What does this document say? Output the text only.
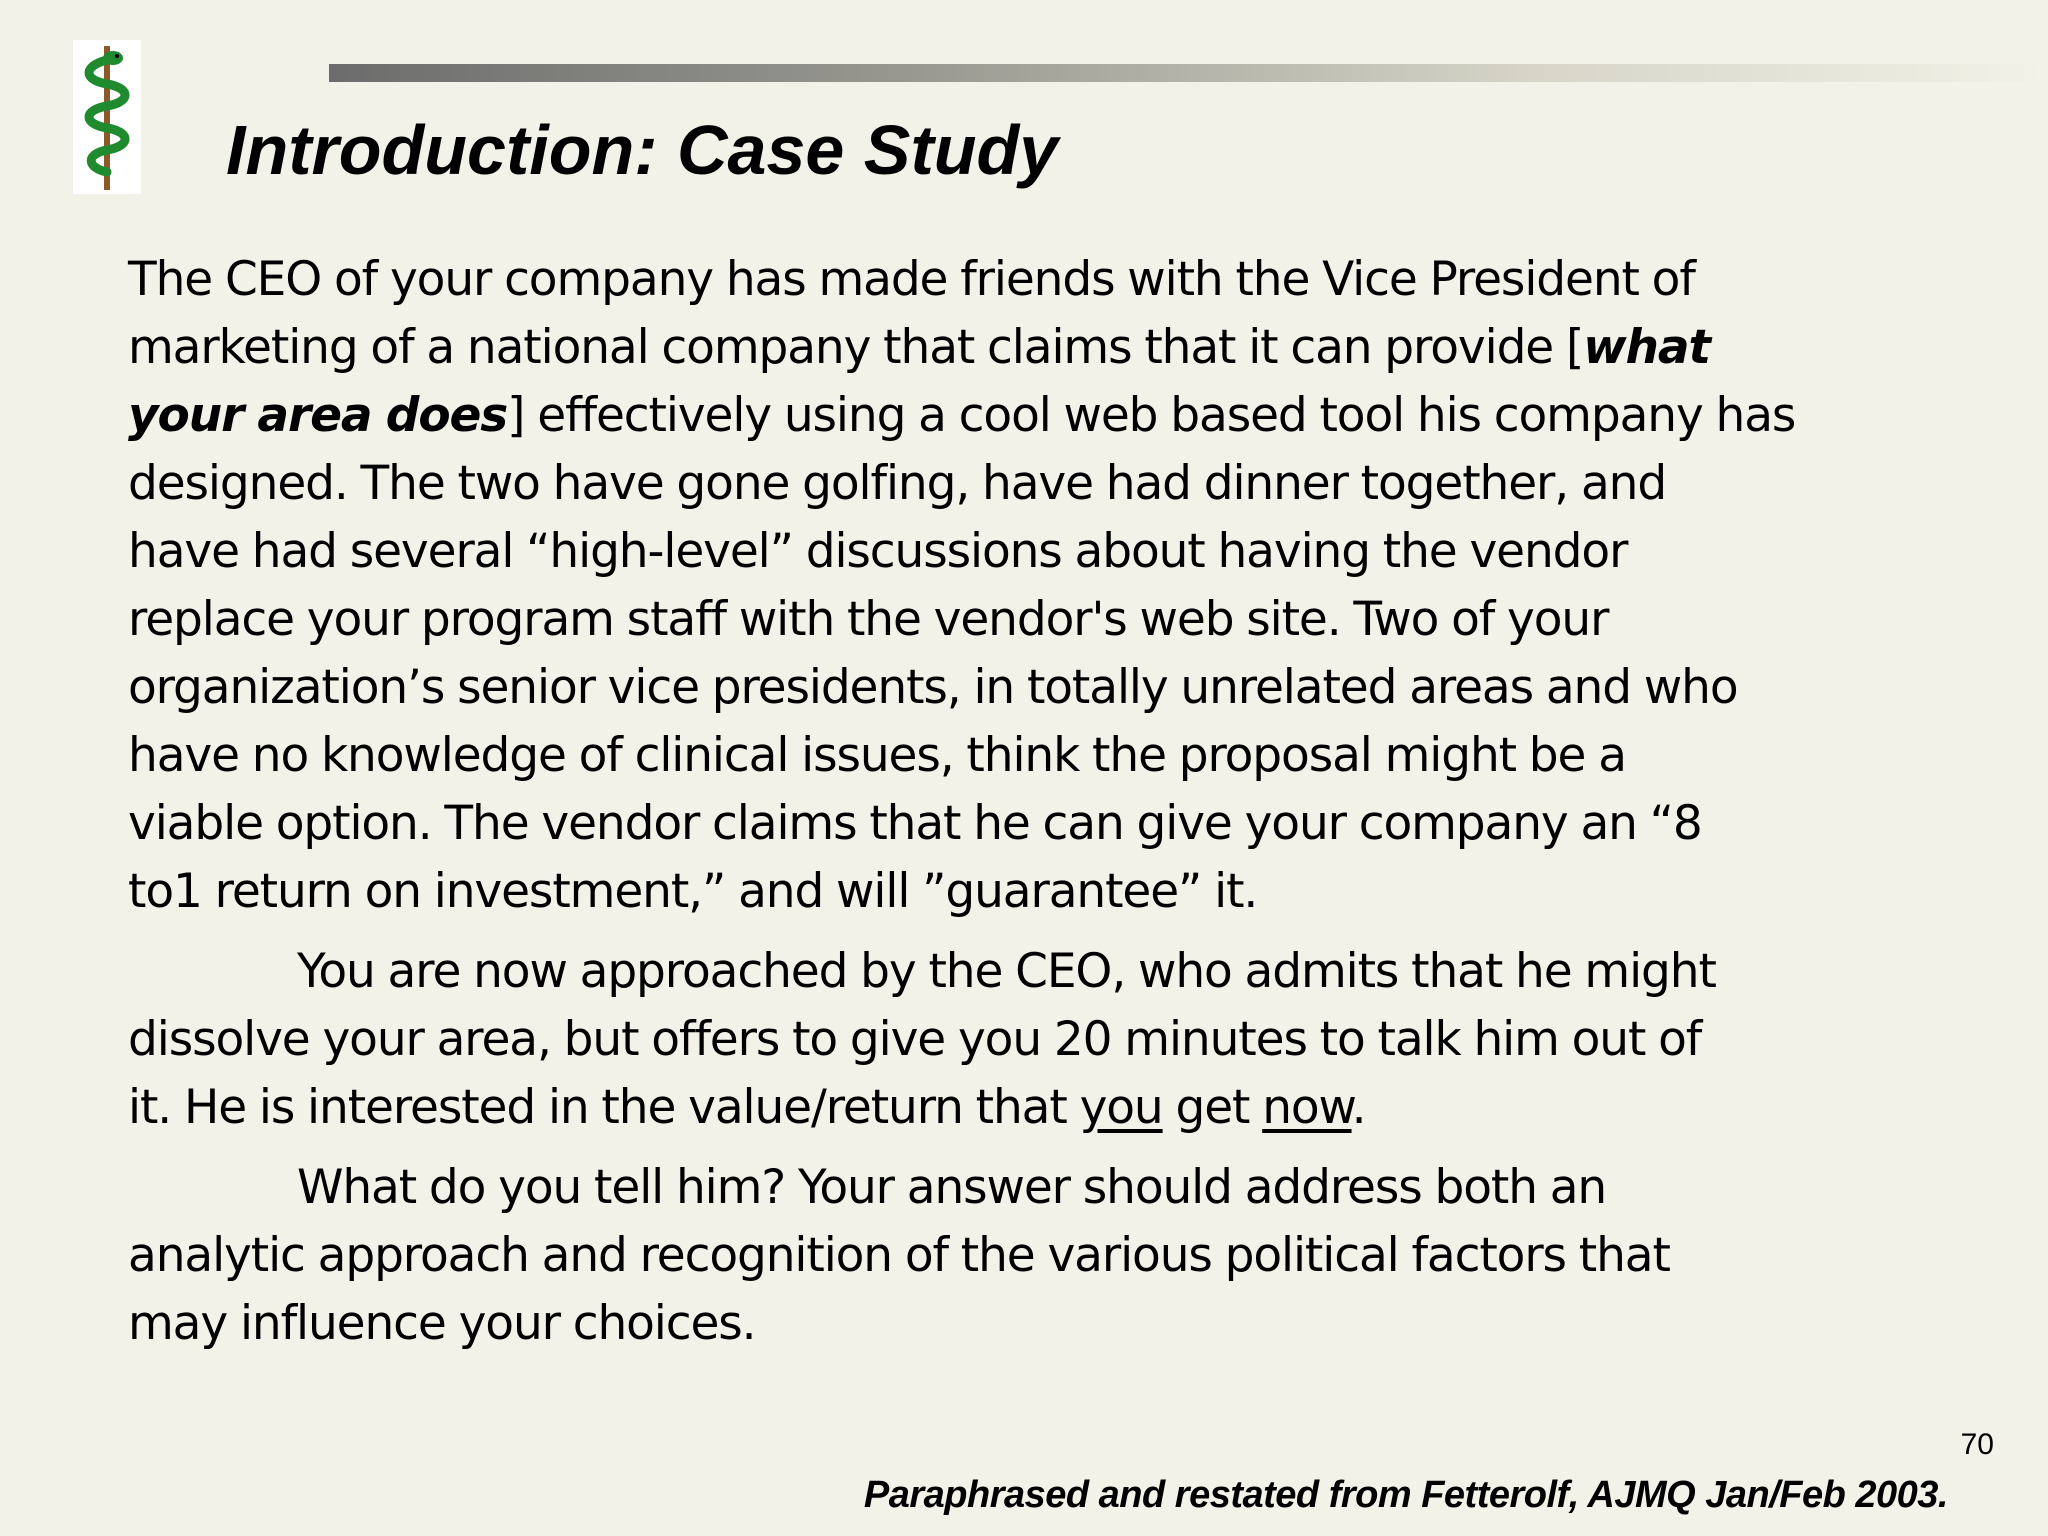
Introduction: Case Study
The CEO of your company has made friends with the Vice President of
marketing of a national company that claims that it can provide [what
your area does] effectively using a cool web based tool his company has
designed. The two have gone golfing, have had dinner together, and
have had several “high-level” discussions about having the vendor
replace your program staff with the vendor's web site. Two of your
organization’s senior vice presidents, in totally unrelated areas and who
have no knowledge of clinical issues, think the proposal might be a
viable option. The vendor claims that he can give your company an “8
to1 return on investment,” and will ”guarantee” it.
You are now approached by the CEO, who admits that he might
dissolve your area, but offers to give you 20 minutes to talk him out of
it. He is interested in the value/return that you get now.
What do you tell him? Your answer should address both an
analytic approach and recognition of the various political factors that
may influence your choices.
70
Paraphrased and restated from Fetterolf, AJMQ Jan/Feb 2003.
